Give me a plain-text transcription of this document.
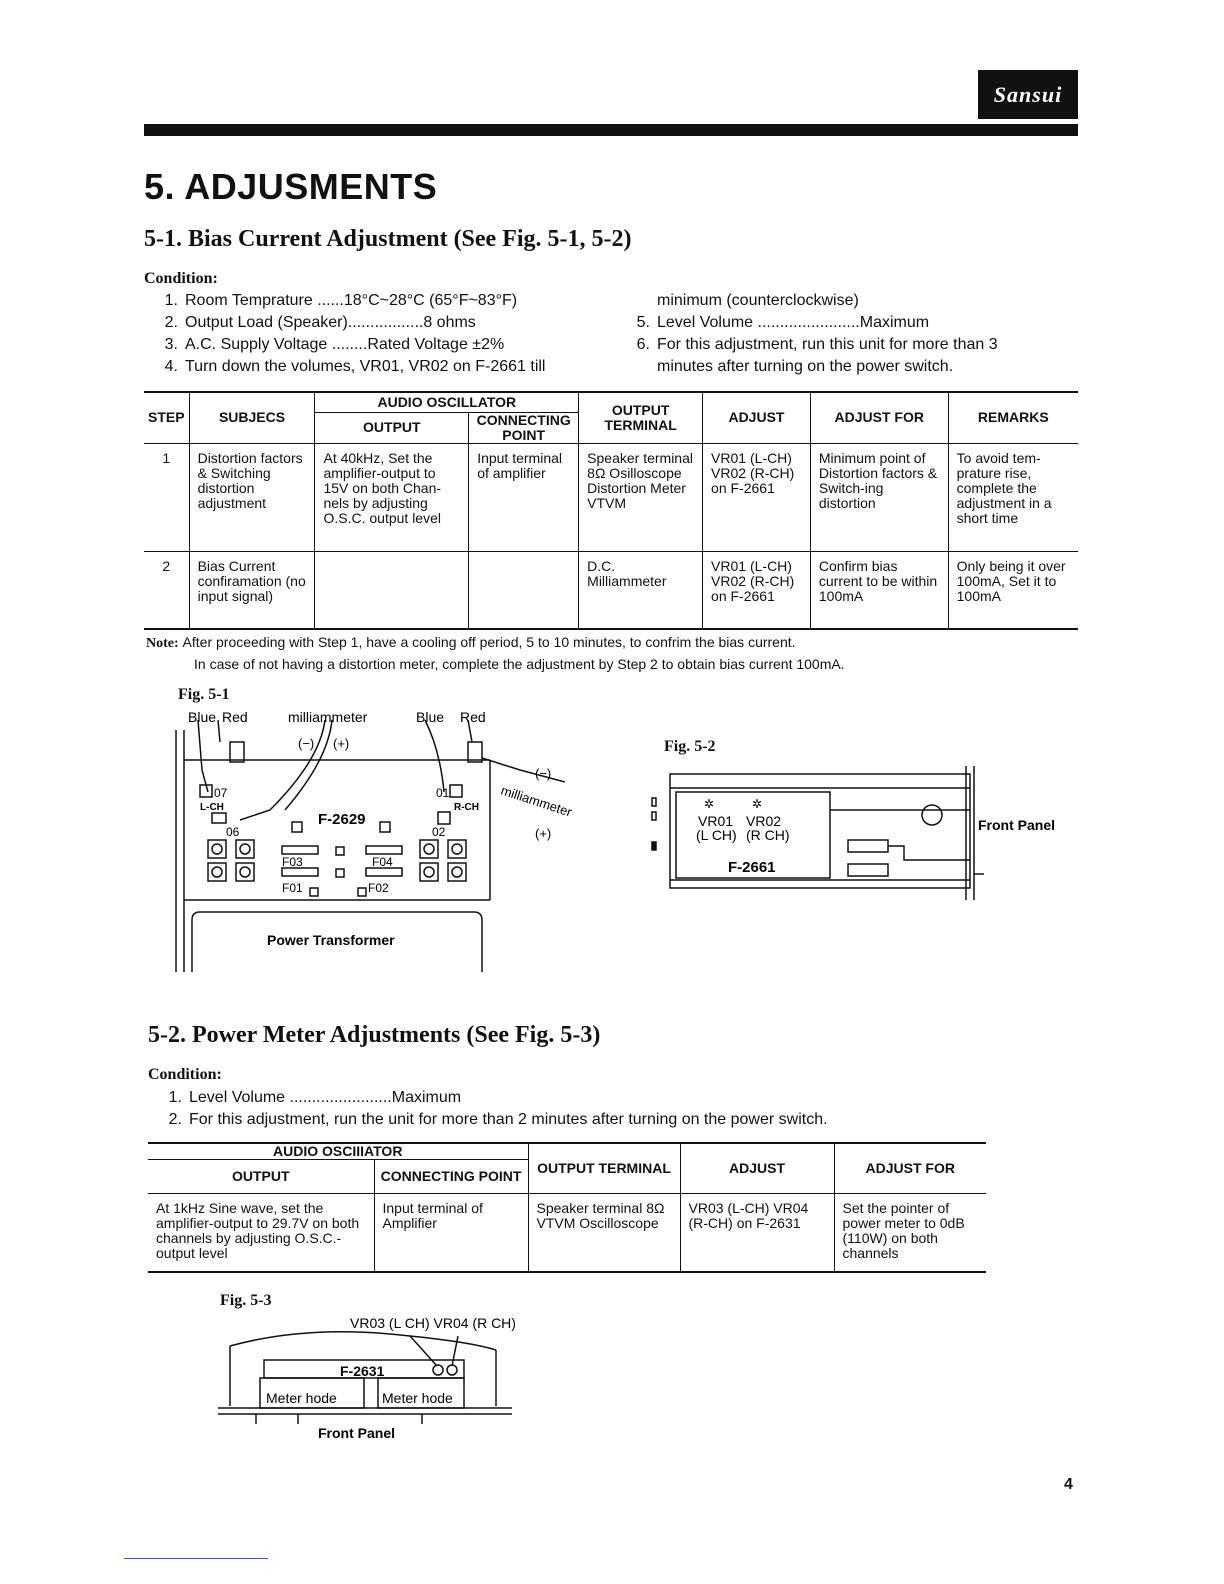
Sansui
5. ADJUSMENTS
5-1. Bias Current Adjustment (See Fig. 5-1, 5-2)
Condition:
1. Room Temprature ......18°C~28°C (65°F~83°F)
2. Output Load (Speaker).................8 ohms
3. A.C. Supply Voltage ........Rated Voltage ±2%
4. Turn down the volumes, VR01, VR02 on F-2661 till
minimum (counterclockwise)
5. Level Volume .......................Maximum
6. For this adjustment, run this unit for more than 3
minutes after turning on the power switch.
STEP	SUBJECS	AUDIO OSCILLATOR		OUTPUT TERMINAL	ADJUST	ADJUST FOR	REMARKS
		OUTPUT	CONNECTING POINT				
1	Distortion factors & Switching distortion adjustment	At 40kHz, Set the amplifier-output to 15V on both Chan-nels by adjusting O.S.C. output level	Input terminal of amplifier	Speaker terminal 8Ω Osilloscope Distortion Meter VTVM	VR01 (L-CH) VR02 (R-CH) on F-2661	Minimum point of Distortion factors & Switch-ing distortion	To avoid tem-prature rise, complete the adjustment in a short time
2	Bias Current confiramation (no input signal)			D.C. Milliammeter	VR01 (L-CH) VR02 (R-CH) on F-2661	Confirm bias current to be within 100mA	Only being it over 100mA, Set it to 100mA
Note: After proceeding with Step 1, have a cooling off period, 5 to 10 minutes, to confrim the bias current.
In case of not having a distortion meter, complete the adjustment by Step 2 to obtain bias current 100mA.
Fig. 5-1
Blue Red	milliammeter	Blue Red
(−) (+)
(−)
(+)
milliammeter
07
L-CH
01
R-CH
F-2629
06	02
F03	F04
F01	F02
Power Transformer
Fig. 5-2
✲	✲
VR01 VR02
(L CH) (R CH)
F-2661
Front Panel
5-2. Power Meter Adjustments (See Fig. 5-3)
Condition:
1. Level Volume .......................Maximum
2. For this adjustment, run the unit for more than 2 minutes after turning on the power switch.
AUDIO OSCIIIATOR		OUTPUT TERMINAL	ADJUST	ADJUST FOR
OUTPUT	CONNECTING POINT			
At 1kHz Sine wave, set the amplifier-output to 29.7V on both channels by adjusting O.S.C.-output level	Input terminal of Amplifier	Speaker terminal 8Ω VTVM Oscilloscope	VR03 (L-CH) VR04 (R-CH) on F-2631	Set the pointer of power meter to 0dB (110W) on both channels
Fig. 5-3
VR03 (L CH) VR04 (R CH)
F-2631
Meter hode	Meter hode
Front Panel
4
